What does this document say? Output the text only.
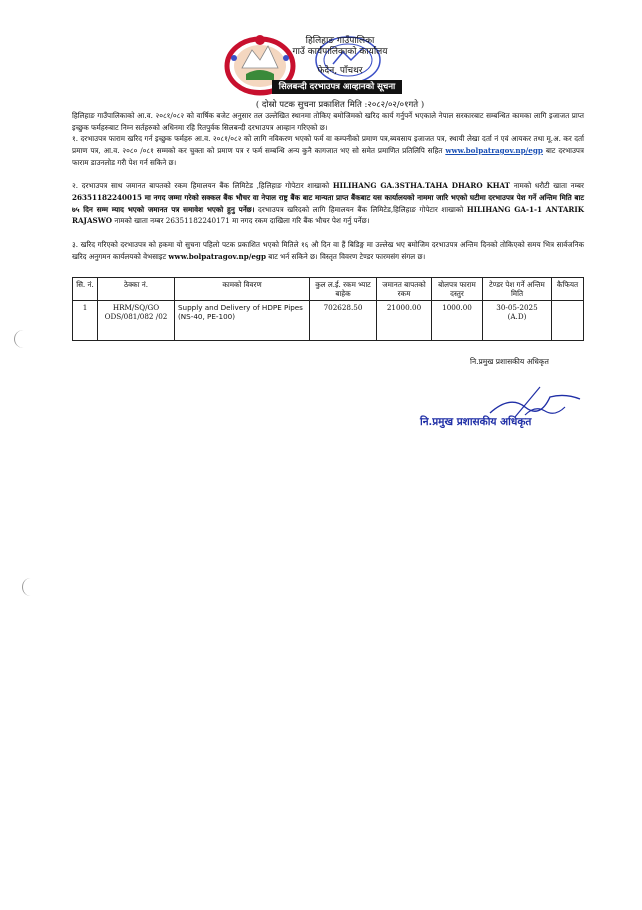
हिलिहाङ गाउँपालिका
गाउँ कार्यपालिकाको कार्यालय
फेदेन, पाँचथर
सिलबन्दी दरभाउपत्र आव्हानको सूचना
( दोस्रो पटक सुचना प्रकाशित मिति :२०८२/०२/०१गते )
हिलिहाङ गाउँपालिकाको आ.व. २०८१/०८२ को वार्षिक बजेट अनुसार तल उल्लेखित स्थानमा तोकिए बमोजिमको खरिद कार्य गर्नुपर्ने भएकाले नेपाल सरकारबाट सम्बन्धित कामका लागि इजाजत प्राप्त इच्छुक फर्महरुबाट निम्न सर्तहरुको अधिनमा रहि रितपुर्वक सिलबन्दी दरभाउपत्र आव्हान गरिएको छ।
१. दरभाउपत्र फाराम खरिद गर्न इच्छुक फर्महरु आ.व. २०८१/०८२ को लागि नविकरण भएको फर्म वा कम्पनीको प्रमाण पत्र,ब्यवसाय इजाजत पत्र, स्थायी लेखा दर्ता नं एवं आयकर तथा मू.अ. कर दर्ता प्रमाण पत्र, आ.व. २०८० /०८१ सम्मको कर चुक्ता को प्रमाण पत्र र फर्म सम्बन्धि अन्य कुनै कागजात भए सो समेत प्रमाणित प्रतिलिपि सहित www.bolpatragov.np/egp बाट दरभाउपत्र फाराम डाउनलोड गरी पेश गर्न सकिने छ।
२. दरभाउपत्र साथ जमानत बापतको रकम हिमालयन बैंक लिमिटेड ,हिलिहाङ गोपेटार शाखाको HILIHANG GA.3STHA.TAHA DHARO KHAT नामको धरौटी खाता नम्बर 26351182240015 मा नगद जम्मा गरेको सक्कल बैंक भौचर वा नेपाल राष्ट्र बैंक बाट मान्यता प्राप्त बैंकबाट यस कार्यालयको नाममा जारि भएको घटीमा दरभाउपत्र पेश गर्ने अन्तिम मिति बाट ७५ दिन सम्म म्याद भएको जमानत पत्र समावेश भएको हुनु पर्नेछ। दरभाउपत्र खरिदको लागि हिमालयन बैंक लिमिटेड,हिलिहाङ गोपेटार शाखाको HILIHANG GA-1-1 ANTARIK RAJASWO नामको खाता नम्बर 26351182240171 मा नगद रकम दाखिला गरि बैंक भौचर पेश गर्नु पर्नेछ।
३. खरिद गरिएको दरभाउपत्र को हकमा यो सुचना पहिलो पटक प्रकाशित भएको मितिले १६ औ दिन वा हैं बिडिङ्ग मा उल्लेख भए बमोजिम दरभाउपत्र अन्तिम दिनको तोकिएको समय भित्र सार्वजनिक खरिद अनुगमन कार्यलयको वेभसाइट www.bolpatragov.np/egp बाट भर्न सकिने छ। विस्तृत विवरण टेण्डर फारमसंग संगल छ।
सि. नं.	ठेक्का नं.	कामको विवरण	कुल ल.ई. रकम भ्याट बाहेक	जमानत बापतको रकम	बोलपत्र फाराम दस्तुर	टेण्डर पेश गर्ने अन्तिम मिति	कैफियत
1	HRM/SQ/GO ODS/081/082 /02	Supply and Delivery of HDPE Pipes (NS-40, PE-100)	702628.50	21000.00	1000.00	30-05-2025 (A.D)	
नि.प्रमुख प्रशासकीय अधिकृत
नि.प्रमुख प्रशासकीय अधिकृत
